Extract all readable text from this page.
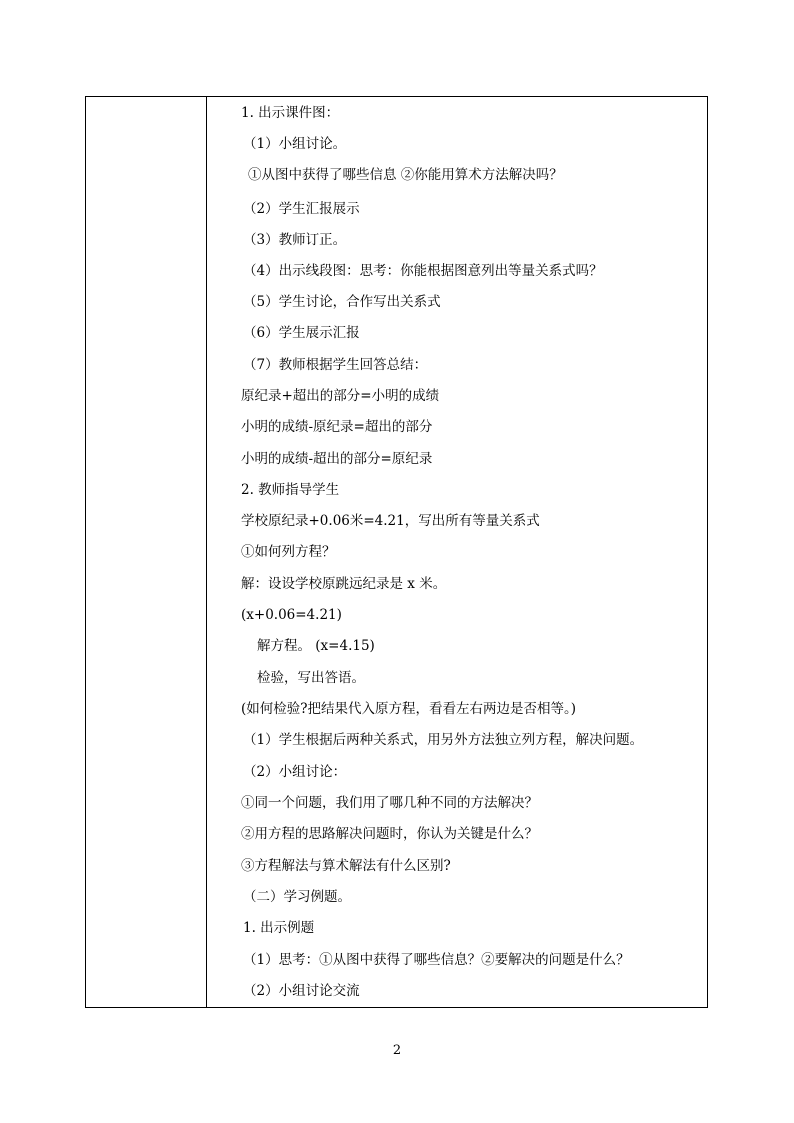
1. 出示课件图：
（1）小组讨论。
①从图中获得了哪些信息 ②你能用算术方法解决吗？
（2）学生汇报展示
（3）教师订正。
（4）出示线段图：思考：你能根据图意列出等量关系式吗？
（5）学生讨论，合作写出关系式
（6）学生展示汇报
（7）教师根据学生回答总结：
原纪录+超出的部分=小明的成绩
小明的成绩-原纪录=超出的部分
小明的成绩-超出的部分=原纪录
2. 教师指导学生
学校原纪录+0.06米=4.21，写出所有等量关系式
①如何列方程？
解：设设学校原跳远纪录是 x 米。
(x+0.06=4.21)
解方程。 (x=4.15)
检验，写出答语。
(如何检验?把结果代入原方程，看看左右两边是否相等。)
（1）学生根据后两种关系式，用另外方法独立列方程，解决问题。
（2）小组讨论：
①同一个问题，我们用了哪几种不同的方法解决？
②用方程的思路解决问题时，你认为关键是什么？
③方程解法与算术解法有什么区别?
（二）学习例题。
1. 出示例题
（1）思考：①从图中获得了哪些信息？②要解决的问题是什么？
（2）小组讨论交流
2
